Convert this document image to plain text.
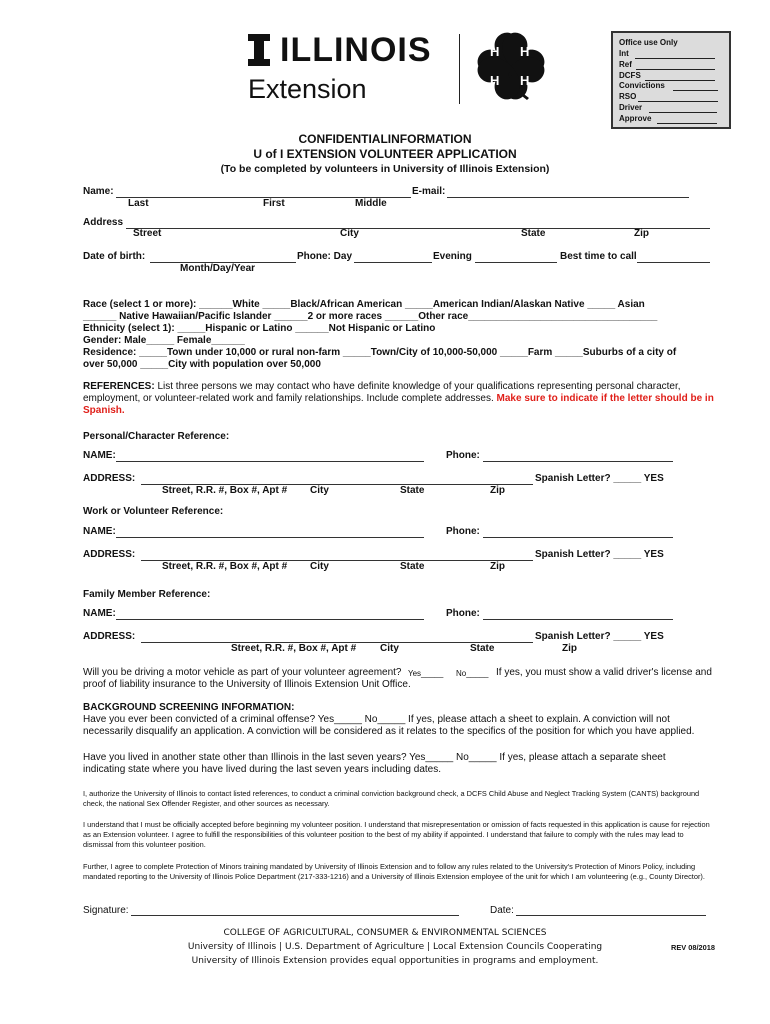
ILLINOIS
Extension
H H
H H
Office use Only
Int
Ref
DCFS
Convictions
RSO
Driver
Approve
CONFIDENTIALINFORMATION
U of I EXTENSION VOLUNTEER APPLICATION
(To be completed by volunteers in University of Illinois Extension)
Name:	E-mail:
Last	First	Middle
Address
Street	City	State	Zip
Date of birth:	Phone: Day	Evening	Best time to call
Month/Day/Year
Race (select 1 or more): ______White _____Black/African American _____American Indian/Alaskan Native _____ Asian
______ Native Hawaiian/Pacific Islander ______2 or more races ______Other race__________________________________
Ethnicity (select 1): _____Hispanic or Latino ______Not Hispanic or Latino
Gender: Male_____ Female______
Residence: _____Town under 10,000 or rural non-farm _____Town/City of 10,000-50,000 _____Farm _____Suburbs of a city of
over 50,000 _____City with population over 50,000
REFERENCES: List three persons we may contact who have definite knowledge of your qualifications representing personal character, employment, or volunteer-related work and family relationships. Include complete addresses. Make sure to indicate if the letter should be in Spanish.
Personal/Character Reference:
NAME:	Phone:
ADDRESS:	Spanish Letter? _____ YES
Street, R.R. #, Box #, Apt # City	State	Zip
Work or Volunteer Reference:
NAME:	Phone:
ADDRESS:	Spanish Letter? _____ YES
Street, R.R. #, Box #, Apt # City	State	Zip
Family Member Reference:
NAME:	Phone:
ADDRESS:	Spanish Letter? _____ YES
Street, R.R. #, Box #, Apt # City	State	Zip
Will you be driving a motor vehicle as part of your volunteer agreement? Yes_____ No_____ If yes, you must show a valid driver's license and
proof of liability insurance to the University of Illinois Extension Unit Office.
BACKGROUND SCREENING INFORMATION:
Have you ever been convicted of a criminal offense? Yes_____ No_____ If yes, please attach a sheet to explain. A conviction will not
necessarily disqualify an application. A conviction will be considered as it relates to the specifics of the position for which you have applied.
Have you lived in another state other than Illinois in the last seven years? Yes_____ No_____ If yes, please attach a separate sheet
indicating state where you have lived during the last seven years including dates.
I, authorize the University of Illinois to contact listed references, to conduct a criminal conviction background check, a DCFS Child Abuse and Neglect Tracking System (CANTS) background check, the national Sex Offender Register, and other sources as necessary.
I understand that I must be officially accepted before beginning my volunteer position. I understand that misrepresentation or omission of facts requested in this application is cause for rejection as an Extension volunteer. I agree to fulfill the responsibilities of this volunteer position to the best of my ability if appointed. I understand that failure to comply with the rules may lead to dismissal from this volunteer position.
Further, I agree to complete Protection of Minors training mandated by University of Illinois Extension and to follow any rules related to the University's Protection of Minors Policy, including mandated reporting to the University of Illinois Police Department (217-333-1216) and a University of Illinois Extension employee of the unit for which I am volunteering (e.g., County Director).
Signature:	Date:
COLLEGE OF AGRICULTURAL, CONSUMER & ENVIRONMENTAL SCIENCES
University of Illinois | U.S. Department of Agriculture | Local Extension Councils Cooperating
University of Illinois Extension provides equal opportunities in programs and employment.
REV 08/2018
